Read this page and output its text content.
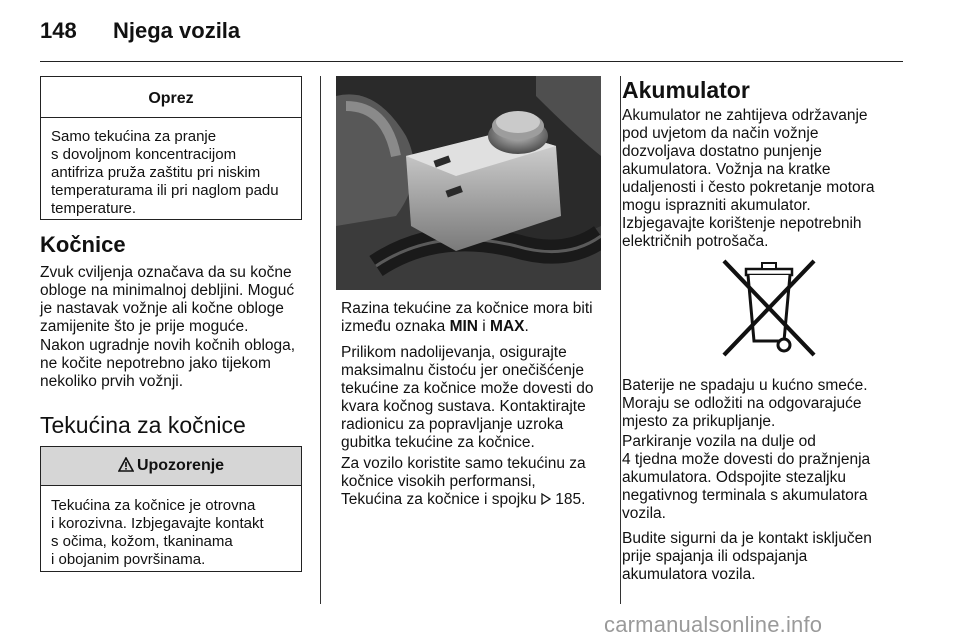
148 Njega vozila
Oprez
Samo tekućina za pranje
s dovoljnom koncentracijom
antifriza pruža zaštitu pri niskim
temperaturama ili pri naglom padu
temperature.
Kočnice
Zvuk cviljenja označava da su kočne
obloge na minimalnoj debljini. Moguć
je nastavak vožnje ali kočne obloge
zamijenite što je prije moguće.
Nakon ugradnje novih kočnih obloga,
ne kočite nepotrebno jako tijekom
nekoliko prvih vožnji.
Tekućina za kočnice
Upozorenje
Tekućina za kočnice je otrovna
i korozivna. Izbjegavajte kontakt
s očima, kožom, tkaninama
i obojanim površinama.
Razina tekućine za kočnice mora biti
između oznaka MIN i MAX.
Prilikom nadolijevanja, osigurajte
maksimalnu čistoću jer onečišćenje
tekućine za kočnice može dovesti do
kvara kočnog sustava. Kontaktirajte
radionicu za popravljanje uzroka
gubitka tekućine za kočnice.
Za vozilo koristite samo tekućinu za
kočnice visokih performansi,
Tekućina za kočnice i spojku  185.
Akumulator
Akumulator ne zahtijeva održavanje
pod uvjetom da način vožnje
dozvoljava dostatno punjenje
akumulatora. Vožnja na kratke
udaljenosti i često pokretanje motora
mogu isprazniti akumulator.
Izbjegavajte korištenje nepotrebnih
električnih potrošača.
Baterije ne spadaju u kućno smeće.
Moraju se odložiti na odgovarajuće
mjesto za prikupljanje.
Parkiranje vozila na dulje od
4 tjedna može dovesti do pražnjenja
akumulatora. Odspojite stezaljku
negativnog terminala s akumulatora
vozila.
Budite sigurni da je kontakt isključen
prije spajanja ili odspajanja
akumulatora vozila.
carmanualsonline.info
